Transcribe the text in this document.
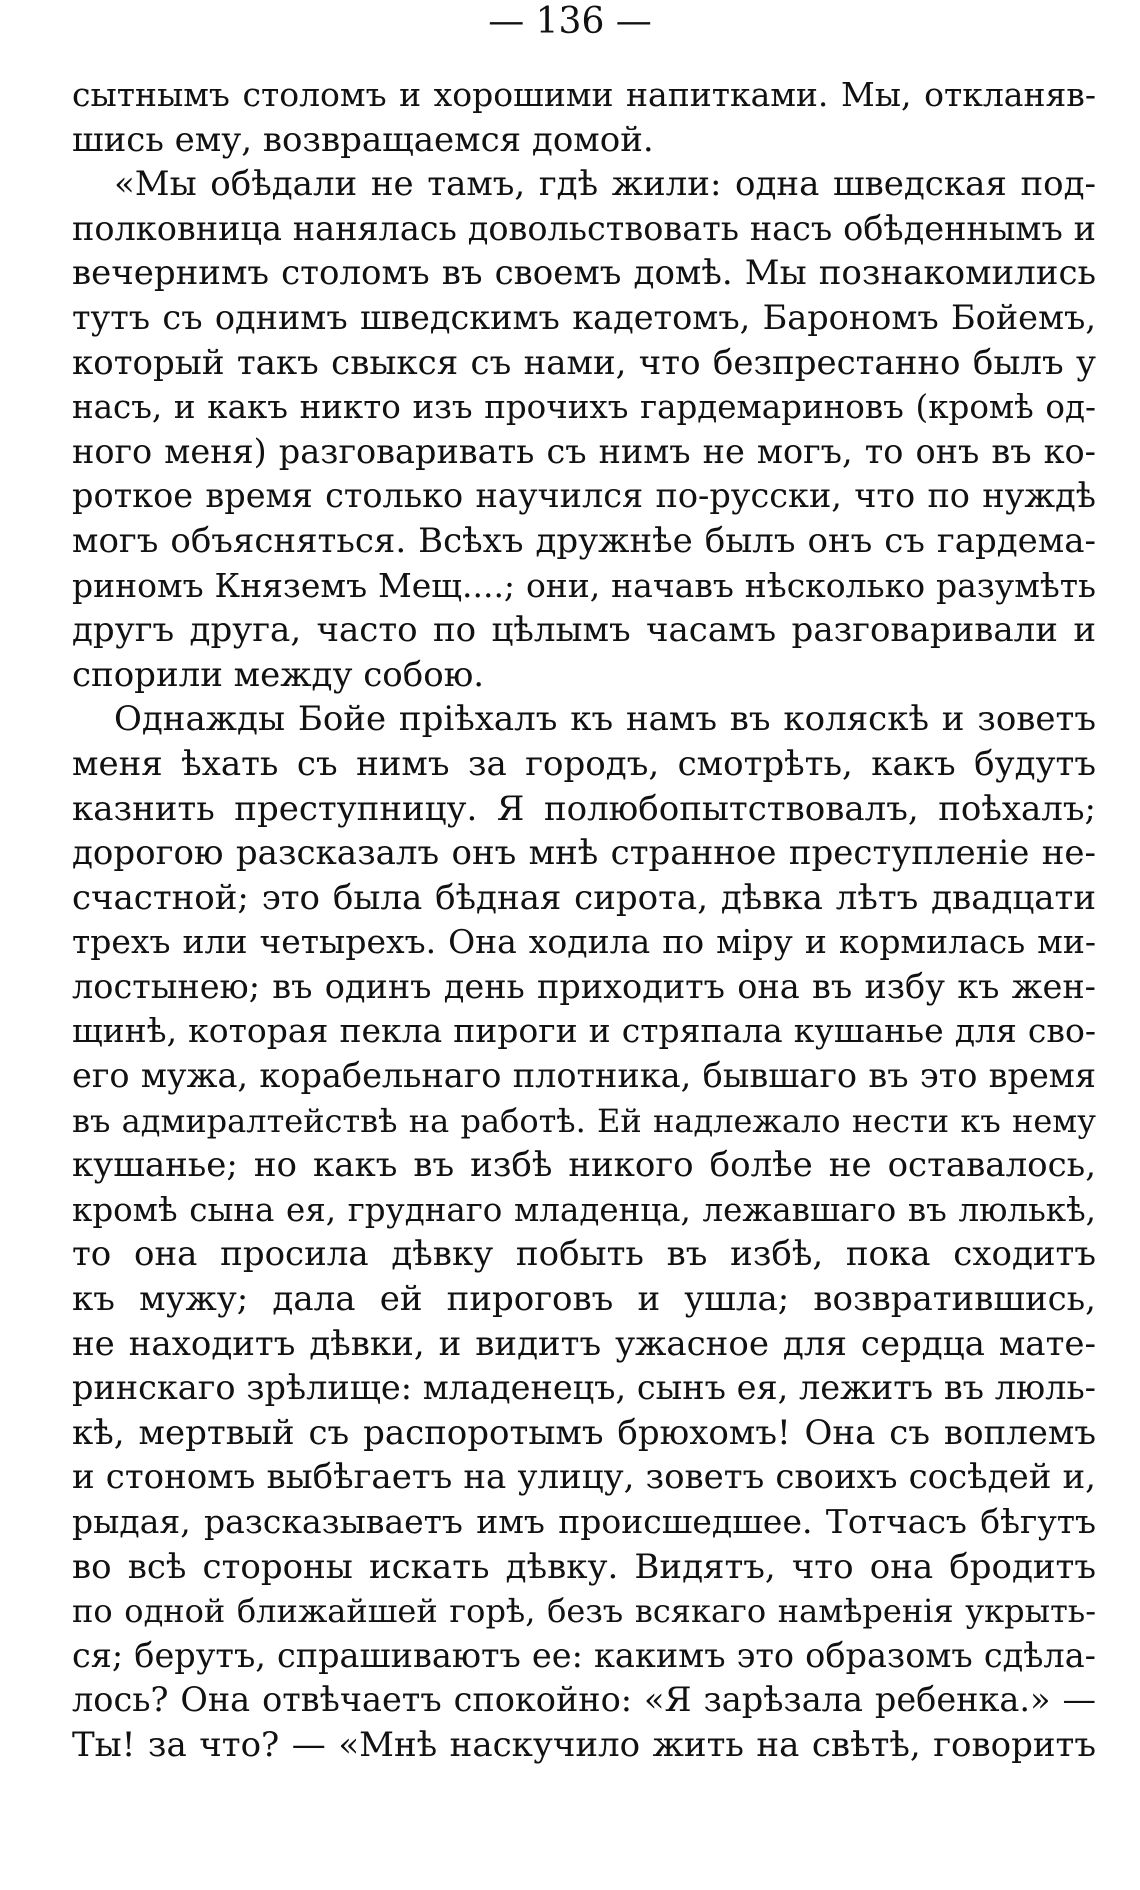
— 136 —
сытнымъ столомъ и хорошими напитками. Мы, откланяв-
шись ему, возвращаемся домой.
«Мы обѣдали не тамъ, гдѣ жили: одна шведская под-
полковница нанялась довольствовать насъ обѣденнымъ и
вечернимъ столомъ въ своемъ домѣ. Мы познакомились
тутъ съ однимъ шведскимъ кадетомъ, Барономъ Бойемъ,
который такъ свыкся съ нами, что безпрестанно былъ у
насъ, и какъ никто изъ прочихъ гардемариновъ (кромѣ од-
ного меня) разговаривать съ нимъ не могъ, то онъ въ ко-
роткое время столько научился по-русски, что по нуждѣ
могъ объясняться. Всѣхъ дружнѣе былъ онъ съ гардема-
риномъ Княземъ Мещ....; они, начавъ нѣсколько разумѣть
другъ друга, часто по цѣлымъ часамъ разговаривали и
спорили между собою.
Однажды Бойе пріѣхалъ къ намъ въ коляскѣ и зоветъ
меня ѣхать съ нимъ за городъ, смотрѣть, какъ будутъ
казнить преступницу. Я полюбопытствовалъ, поѣхалъ;
дорогою разсказалъ онъ мнѣ странное преступленіе не-
счастной; это была бѣдная сирота, дѣвка лѣтъ двадцати
трехъ или четырехъ. Она ходила по міру и кормилась ми-
лостынею; въ одинъ день приходитъ она въ избу къ жен-
щинѣ, которая пекла пироги и стряпала кушанье для сво-
его мужа, корабельнаго плотника, бывшаго въ это время
въ адмиралтействѣ на работѣ. Ей надлежало нести къ нему
кушанье; но какъ въ избѣ никого болѣе не оставалось,
кромѣ сына ея, груднаго младенца, лежавшаго въ люлькѣ,
то она просила дѣвку побыть въ избѣ, пока сходитъ
къ мужу; дала ей пироговъ и ушла; возвратившись,
не находитъ дѣвки, и видитъ ужасное для сердца мате-
ринскаго зрѣлище: младенецъ, сынъ ея, лежитъ въ люль-
кѣ, мертвый съ распоротымъ брюхомъ! Она съ воплемъ
и стономъ выбѣгаетъ на улицу, зоветъ своихъ сосѣдей и,
рыдая, разсказываетъ имъ происшедшее. Тотчасъ бѣгутъ
во всѣ стороны искать дѣвку. Видятъ, что она бродитъ
по одной ближайшей горѣ, безъ всякаго намѣренія укрыть-
ся; берутъ, спрашиваютъ ее: какимъ это образомъ сдѣла-
лось? Она отвѣчаетъ спокойно: «Я зарѣзала ребенка.» —
Ты! за что? — «Мнѣ наскучило жить на свѣтѣ, говоритъ
